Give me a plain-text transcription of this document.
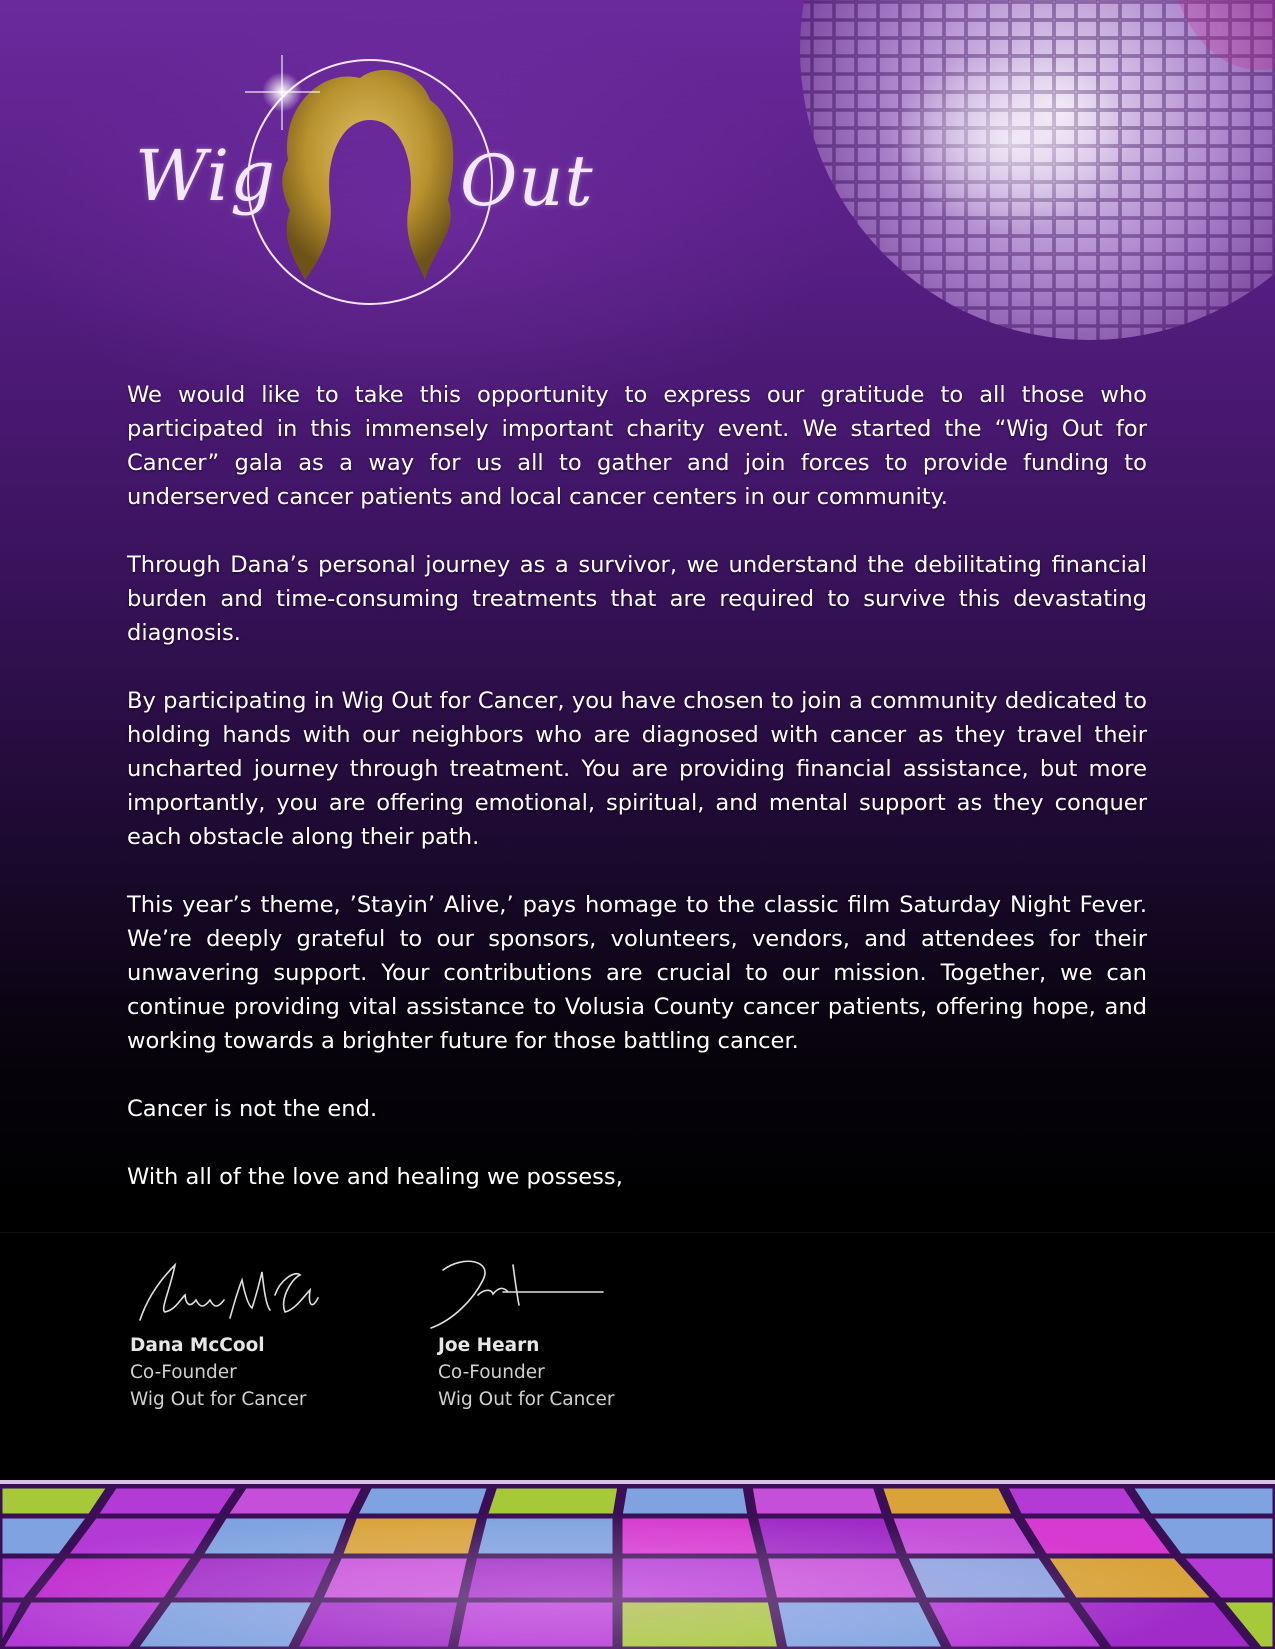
Wig	Out

We would like to take this opportunity to express our gratitude to all those who participated in this immensely important charity event. We started the “Wig Out for Cancer” gala as a way for us all to gather and join forces to provide funding to underserved cancer patients and local cancer centers in our community.

Through Dana’s personal journey as a survivor, we understand the debilitating financial burden and time-consuming treatments that are required to survive this devastating diagnosis.

By participating in Wig Out for Cancer, you have chosen to join a community dedicated to holding hands with our neighbors who are diagnosed with cancer as they travel their uncharted journey through treatment. You are providing financial assistance, but more importantly, you are offering emotional, spiritual, and mental support as they conquer each obstacle along their path.

This year’s theme, ’Stayin’ Alive,’ pays homage to the classic film Saturday Night Fever. We’re deeply grateful to our sponsors, volunteers, vendors, and attendees for their unwavering support. Your contributions are crucial to our mission. Together, we can continue providing vital assistance to Volusia County cancer patients, offering hope, and working towards a brighter future for those battling cancer.

Cancer is not the end.

With all of the love and healing we possess,

Dana McCool
Dana McCool
Co-Founder
Wig Out for Cancer
Joe Hearn
Co-Founder
Wig Out for Cancer
